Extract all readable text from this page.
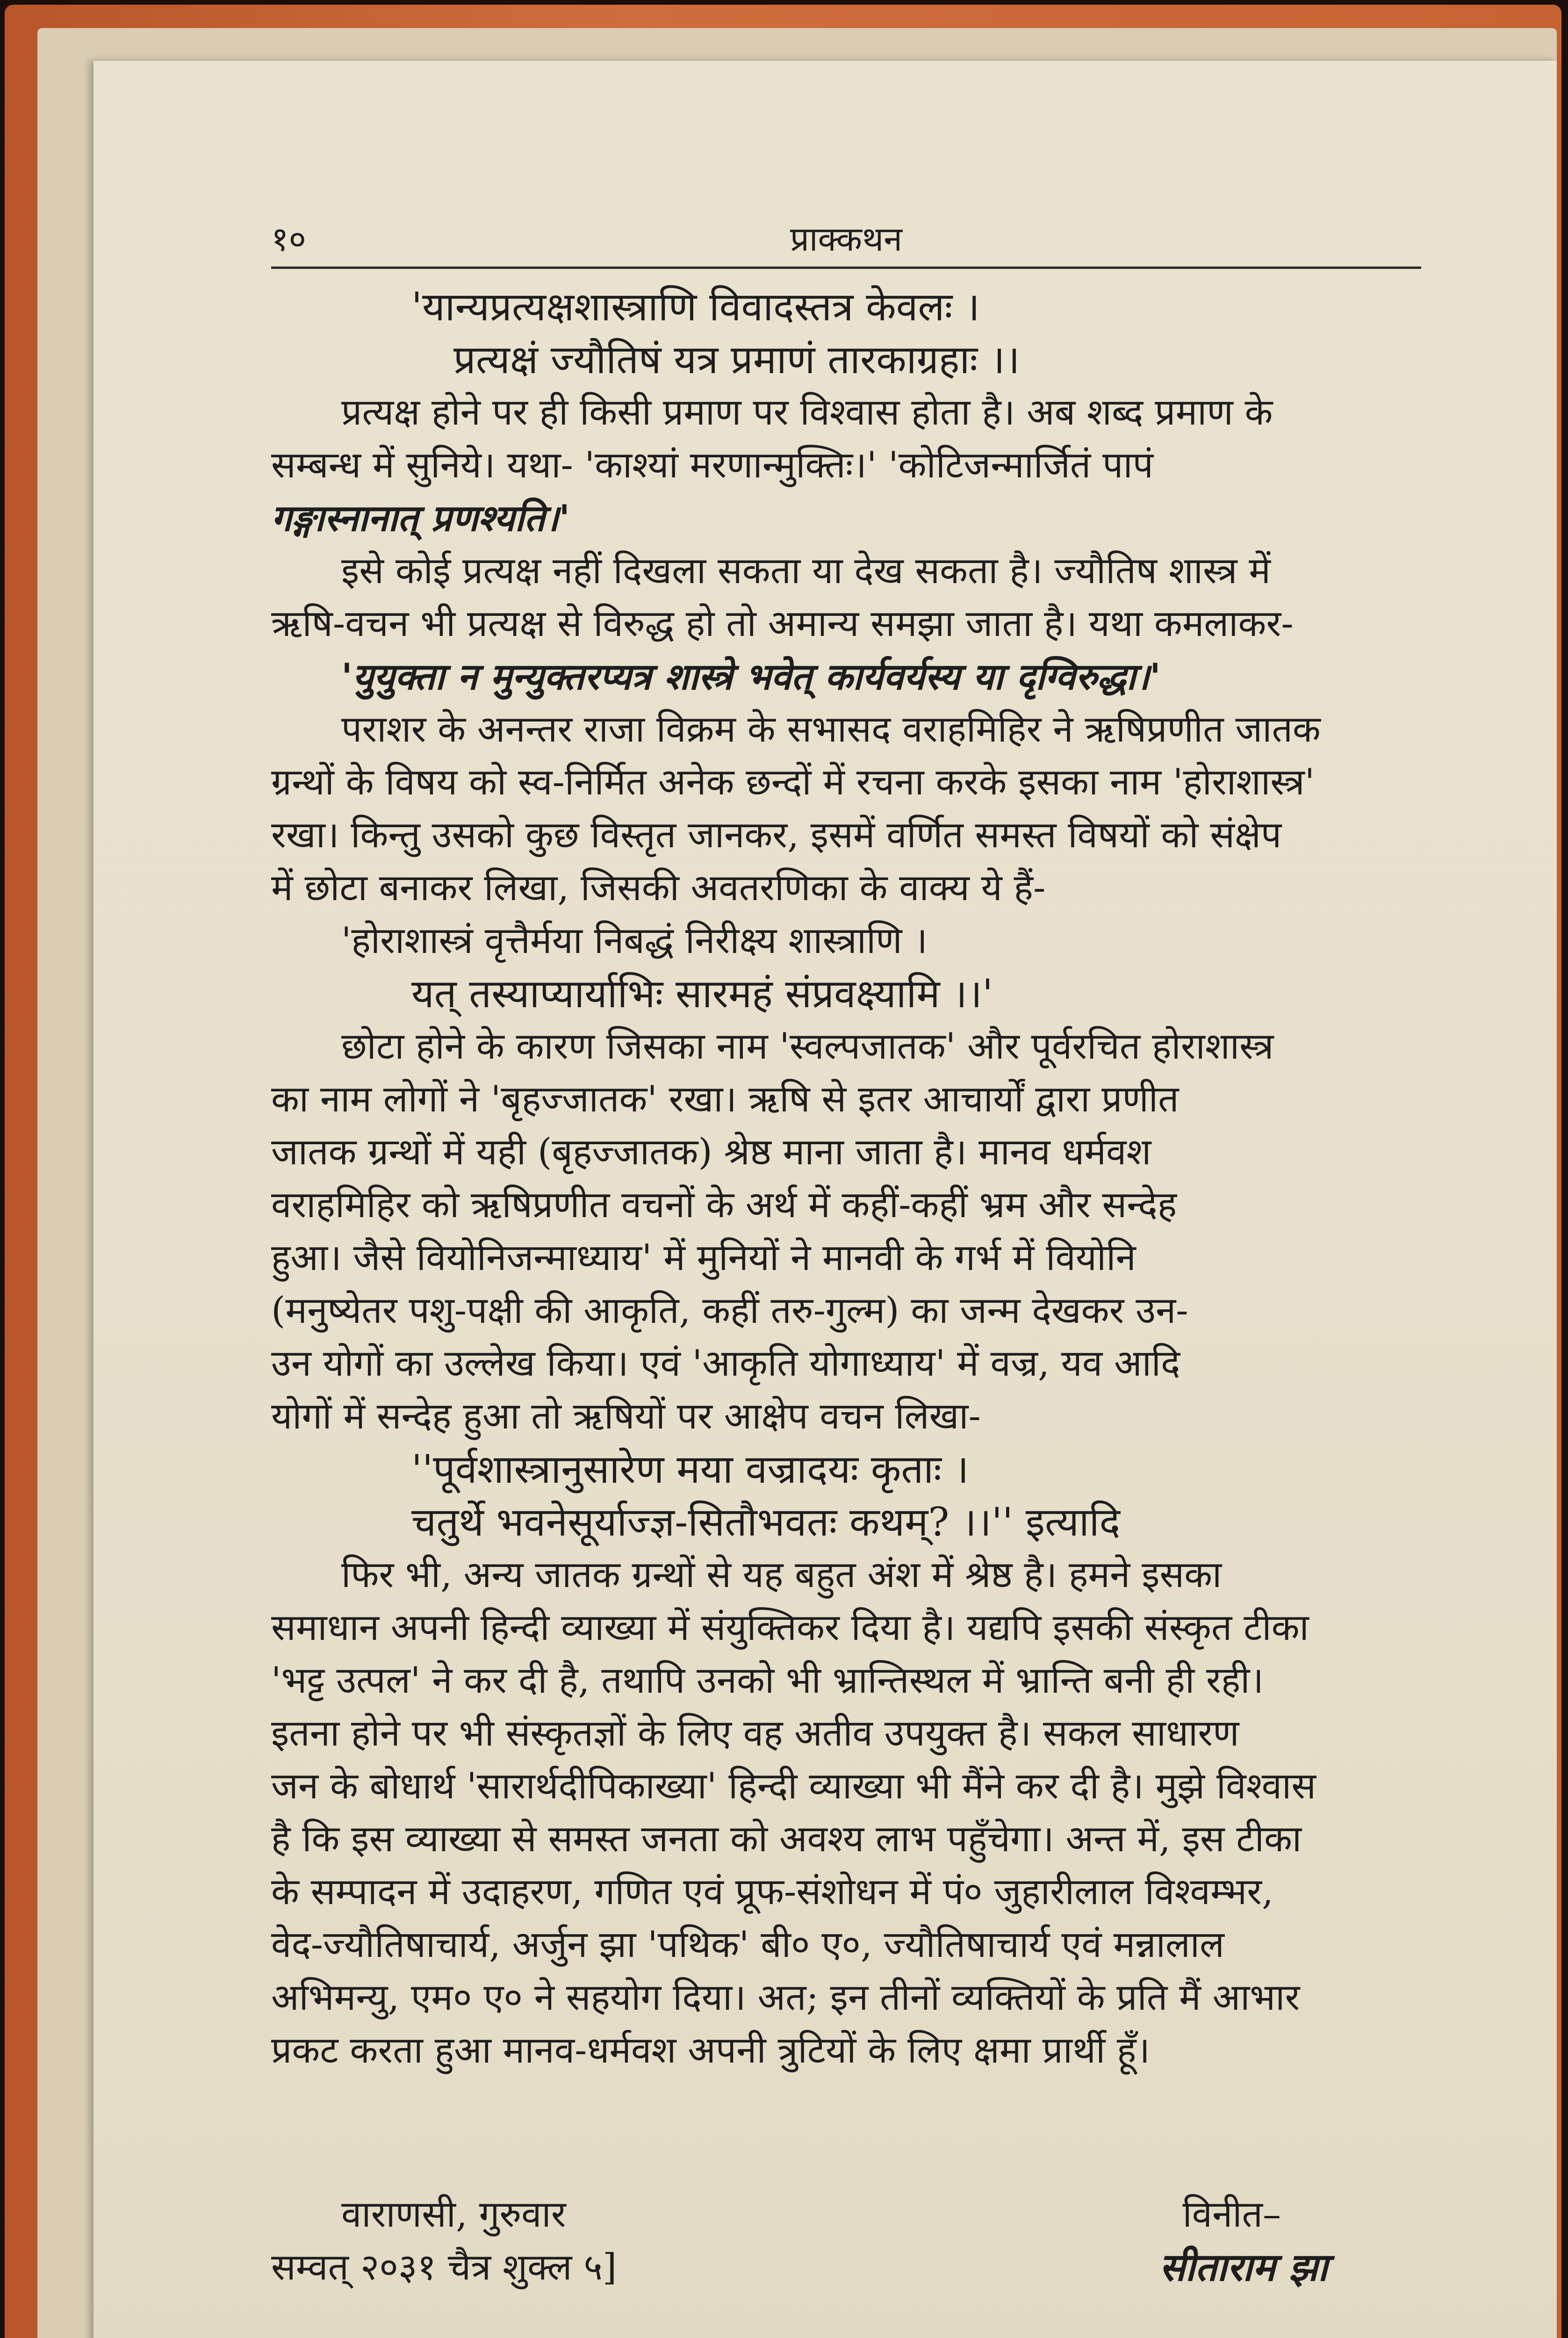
१०	प्राक्कथन
'यान्यप्रत्यक्षशास्त्राणि विवादस्तत्र केवलः ।
प्रत्यक्षं ज्यौतिषं यत्र प्रमाणं तारकाग्रहाः ।।
प्रत्यक्ष होने पर ही किसी प्रमाण पर विश्वास होता है। अब शब्द प्रमाण के
सम्बन्ध में सुनिये। यथा- 'काश्यां मरणान्मुक्तिः।' 'कोटिजन्मार्जितं पापं
गङ्गास्नानात् प्रणश्यति।'
इसे कोई प्रत्यक्ष नहीं दिखला सकता या देख सकता है। ज्यौतिष शास्त्र में
ऋषि-वचन भी प्रत्यक्ष से विरुद्ध हो तो अमान्य समझा जाता है। यथा कमलाकर-
'युयुक्ता न मुन्युक्तरप्यत्र शास्त्रे भवेत् कार्यवर्यस्य या दृग्विरुद्धा।'
पराशर के अनन्तर राजा विक्रम के सभासद वराहमिहिर ने ऋषिप्रणीत जातक
ग्रन्थों के विषय को स्व-निर्मित अनेक छन्दों में रचना करके इसका नाम 'होराशास्त्र'
रखा। किन्तु उसको कुछ विस्तृत जानकर, इसमें वर्णित समस्त विषयों को संक्षेप
में छोटा बनाकर लिखा, जिसकी अवतरणिका के वाक्य ये हैं-
'होराशास्त्रं वृत्तैर्मया निबद्धं निरीक्ष्य शास्त्राणि ।
यत् तस्याप्यार्याभिः सारमहं संप्रवक्ष्यामि ।।'
छोटा होने के कारण जिसका नाम 'स्वल्पजातक' और पूर्वरचित होराशास्त्र
का नाम लोगों ने 'बृहज्जातक' रखा। ऋषि से इतर आचार्यों द्वारा प्रणीत
जातक ग्रन्थों में यही (बृहज्जातक) श्रेष्ठ माना जाता है। मानव धर्मवश
वराहमिहिर को ऋषिप्रणीत वचनों के अर्थ में कहीं-कहीं भ्रम और सन्देह
हुआ। जैसे वियोनिजन्माध्याय' में मुनियों ने मानवी के गर्भ में वियोनि
(मनुष्येतर पशु-पक्षी की आकृति, कहीं तरु-गुल्म) का जन्म देखकर उन-
उन योगों का उल्लेख किया। एवं 'आकृति योगाध्याय' में वज्र, यव आदि
योगों में सन्देह हुआ तो ऋषियों पर आक्षेप वचन लिखा-
''पूर्वशास्त्रानुसारेण मया वज्रादयः कृताः ।
चतुर्थे भवनेसूर्याज्ज्ञ-सितौभवतः कथम्? ।।'' इत्यादि
फिर भी, अन्य जातक ग्रन्थों से यह बहुत अंश में श्रेष्ठ है। हमने इसका
समाधान अपनी हिन्दी व्याख्या में संयुक्तिकर दिया है। यद्यपि इसकी संस्कृत टीका
'भट्ट उत्पल' ने कर दी है, तथापि उनको भी भ्रान्तिस्थल में भ्रान्ति बनी ही रही।
इतना होने पर भी संस्कृतज्ञों के लिए वह अतीव उपयुक्त है। सकल साधारण
जन के बोधार्थ 'सारार्थदीपिकाख्या' हिन्दी व्याख्या भी मैंने कर दी है। मुझे विश्वास
है कि इस व्याख्या से समस्त जनता को अवश्य लाभ पहुँचेगा। अन्त में, इस टीका
के सम्पादन में उदाहरण, गणित एवं प्रूफ-संशोधन में पं० जुहारीलाल विश्वम्भर,
वेद-ज्यौतिषाचार्य, अर्जुन झा 'पथिक' बी० ए०, ज्यौतिषाचार्य एवं मन्नालाल
अभिमन्यु, एम० ए० ने सहयोग दिया। अत; इन तीनों व्यक्तियों के प्रति मैं आभार
प्रकट करता हुआ मानव-धर्मवश अपनी त्रुटियों के लिए क्षमा प्रार्थी हूँ।
वाराणसी, गुरुवार	विनीत–
सम्वत् २०३१ चैत्र शुक्ल ५]	सीताराम झा
